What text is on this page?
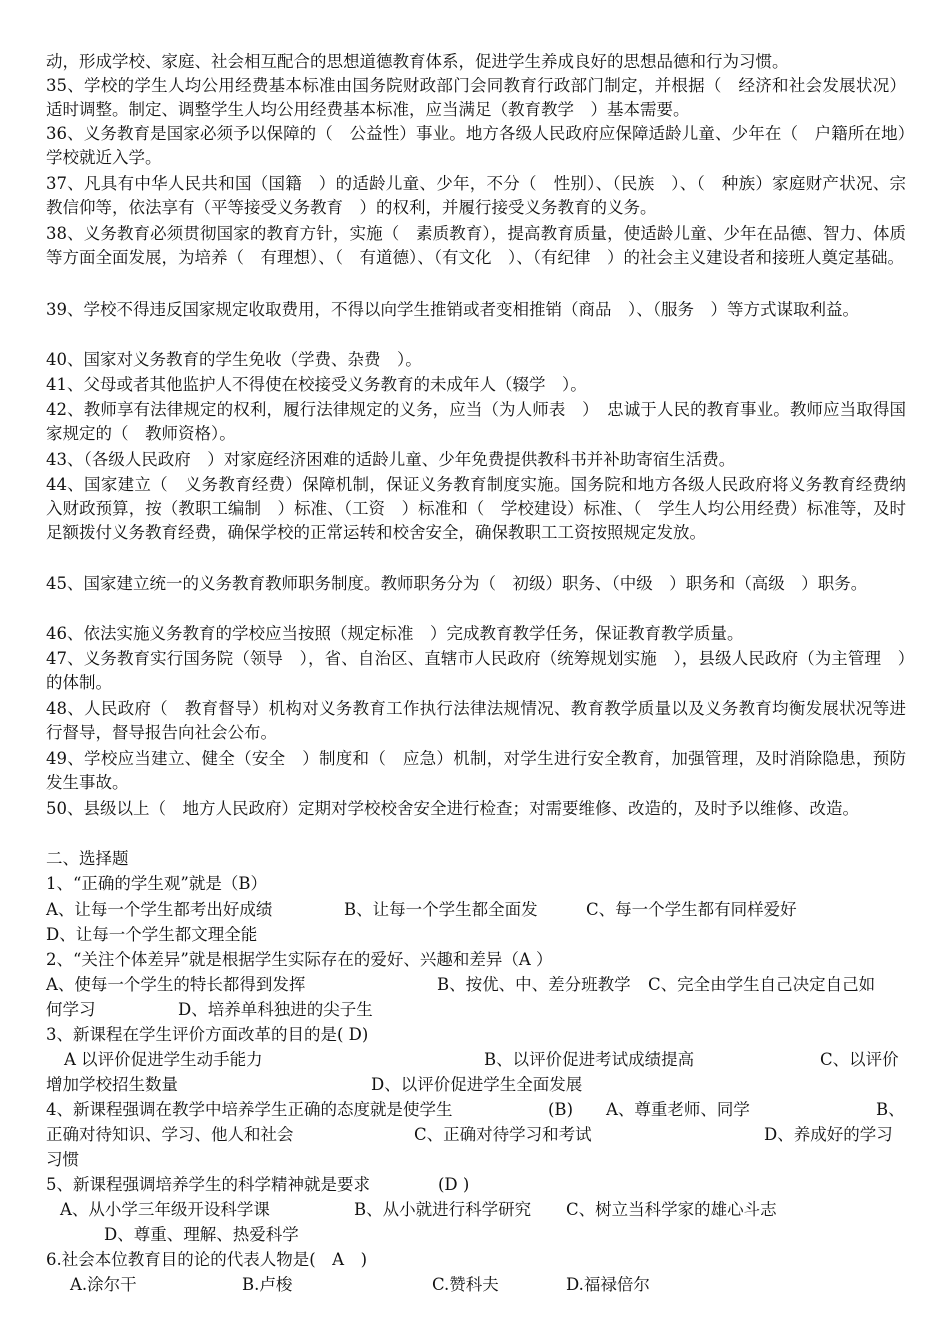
动，形成学校、家庭、社会相互配合的思想道德教育体系，促进学生养成良好的思想品德和行为习惯。

35、学校的学生人均公用经费基本标准由国务院财政部门会同教育行政部门制定，并根据（　经济和社会发展状况）适时调整。制定、调整学生人均公用经费基本标准，应当满足（教育教学　）基本需要。

36、义务教育是国家必须予以保障的（　公益性）事业。地方各级人民政府应保障适龄儿童、少年在（　户籍所在地）学校就近入学。

37、凡具有中华人民共和国（国籍　）的适龄儿童、少年，不分（　性别）、（民族　）、（　种族）家庭财产状况、宗教信仰等，依法享有（平等接受义务教育　）的权利，并履行接受义务教育的义务。

38、义务教育必须贯彻国家的教育方针，实施（　素质教育），提高教育质量，使适龄儿童、少年在品德、智力、体质等方面全面发展，为培养（　有理想）、（　有道德）、（有文化　）、（有纪律　）的社会主义建设者和接班人奠定基础。

39、学校不得违反国家规定收取费用，不得以向学生推销或者变相推销（商品　）、（服务　）等方式谋取利益。

40、国家对义务教育的学生免收（学费、杂费　）。

41、父母或者其他监护人不得使在校接受义务教育的未成年人（辍学　）。

42、教师享有法律规定的权利，履行法律规定的义务，应当（为人师表　）　忠诚于人民的教育事业。教师应当取得国家规定的（　教师资格）。

43、（各级人民政府　）对家庭经济困难的适龄儿童、少年免费提供教科书并补助寄宿生活费。

44、国家建立（　义务教育经费）保障机制，保证义务教育制度实施。国务院和地方各级人民政府将义务教育经费纳入财政预算，按（教职工编制　）标准、（工资　）标准和（　学校建设）标准、（　学生人均公用经费）标准等，及时足额拨付义务教育经费，确保学校的正常运转和校舍安全，确保教职工工资按照规定发放。

45、国家建立统一的义务教育教师职务制度。教师职务分为（　初级）职务、（中级　）职务和（高级　）职务。

46、依法实施义务教育的学校应当按照（规定标准　）完成教育教学任务，保证教育教学质量。

47、义务教育实行国务院（领导　），省、自治区、直辖市人民政府（统筹规划实施　），县级人民政府（为主管理　）的体制。

48、人民政府（　教育督导）机构对义务教育工作执行法律法规情况、教育教学质量以及义务教育均衡发展状况等进行督导，督导报告向社会公布。

49、学校应当建立、健全（安全　）制度和（　应急）机制，对学生进行安全教育，加强管理，及时消除隐患，预防发生事故。

50、县级以上（　地方人民政府）定期对学校校舍安全进行检查；对需要维修、改造的，及时予以维修、改造。

二、选择题

1、“正确的学生观”就是（B）

A、让每一个学生都考出好成绩	B、让每一个学生都全面发	C、每一个学生都有同样爱好

D、让每一个学生都文理全能

2、“关注个体差异”就是根据学生实际存在的爱好、兴趣和差异（A ）

A、使每一个学生的特长都得到发挥	B、按优、中、差分班教学 C、完全由学生自己决定自己如

何学习	D、培养单科独进的尖子生

3、新课程在学生评价方面改革的目的是( D)

A 以评价促进学生动手能力	B、以评价促进考试成绩提高	C、以评价

增加学校招生数量	D、以评价促进学生全面发展

4、新课程强调在教学中培养学生正确的态度就是使学生	(B) A、尊重老师、同学	B、

正确对待知识、学习、他人和社会	C、正确对待学习和考试	D、养成好的学习

习惯

5、新课程强调培养学生的科学精神就是要求	(D )

A、从小学三年级开设科学课	B、从小就进行科学研究 C、树立当科学家的雄心斗志

D、尊重、理解、热爱科学

6.社会本位教育目的论的代表人物是(　A　)

A.涂尔干	B.卢梭	C.赞科夫	D.福禄倍尔
